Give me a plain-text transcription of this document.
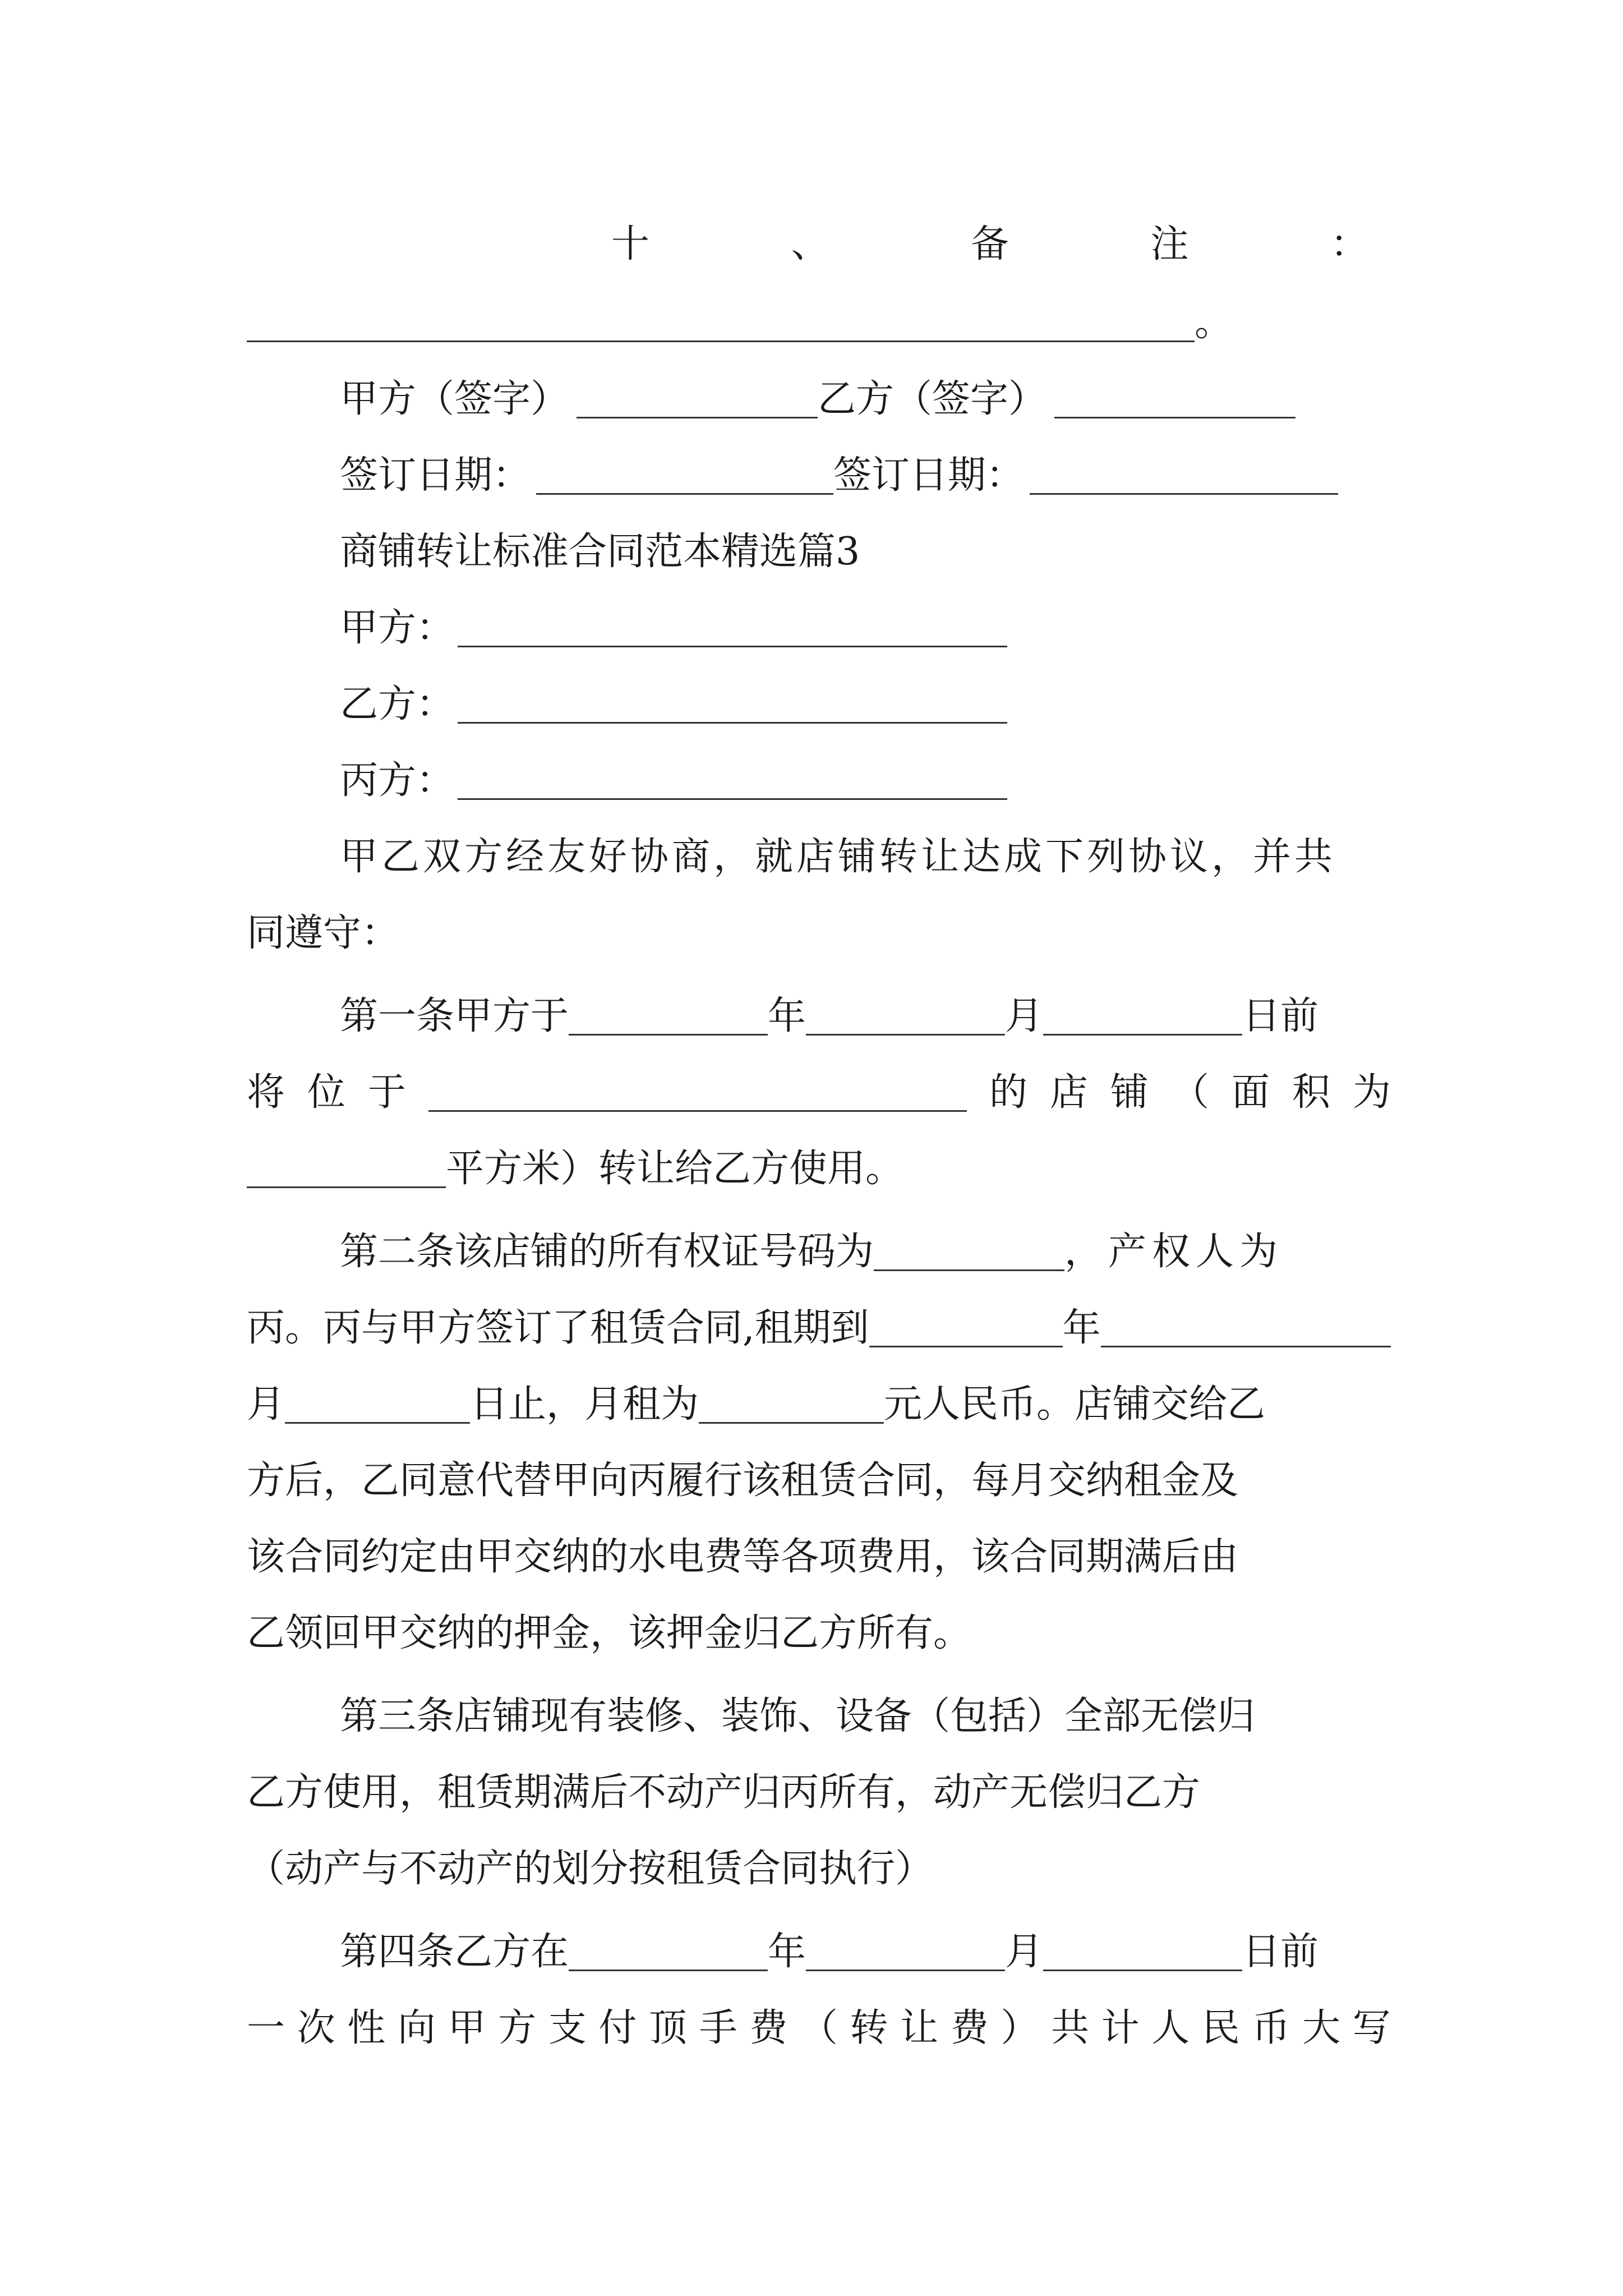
十	、	备	注	：
。
甲方（签字）	乙方（签字）
签订日期：	签订日期：
商铺转让标准合同范本精选篇3
甲方：
乙方：
丙方：
甲乙双方经友好协商，就店铺转让达成下列协议，并共
同遵守：
第一条甲方于	年	月	日前
将 位 于	的 店 铺 （ 面 积 为
平方米）转让给乙方使用。
第二条该店铺的所有权证号码为	，产权人为
丙。丙与甲方签订了租赁合同,租期到	年
月	日止，月租为	元人民币。店铺交给乙
方后，乙同意代替甲向丙履行该租赁合同，每月交纳租金及
该合同约定由甲交纳的水电费等各项费用，该合同期满后由
乙领回甲交纳的押金，该押金归乙方所有。
第三条店铺现有装修、装饰、设备（包括）全部无偿归
乙方使用，租赁期满后不动产归丙所有，动产无偿归乙方
（动产与不动产的划分按租赁合同执行）
第四条乙方在	年	月	日前
一 次 性 向 甲 方 支 付 顶 手 费 （ 转 让 费 ） 共 计 人 民 币 大 写
